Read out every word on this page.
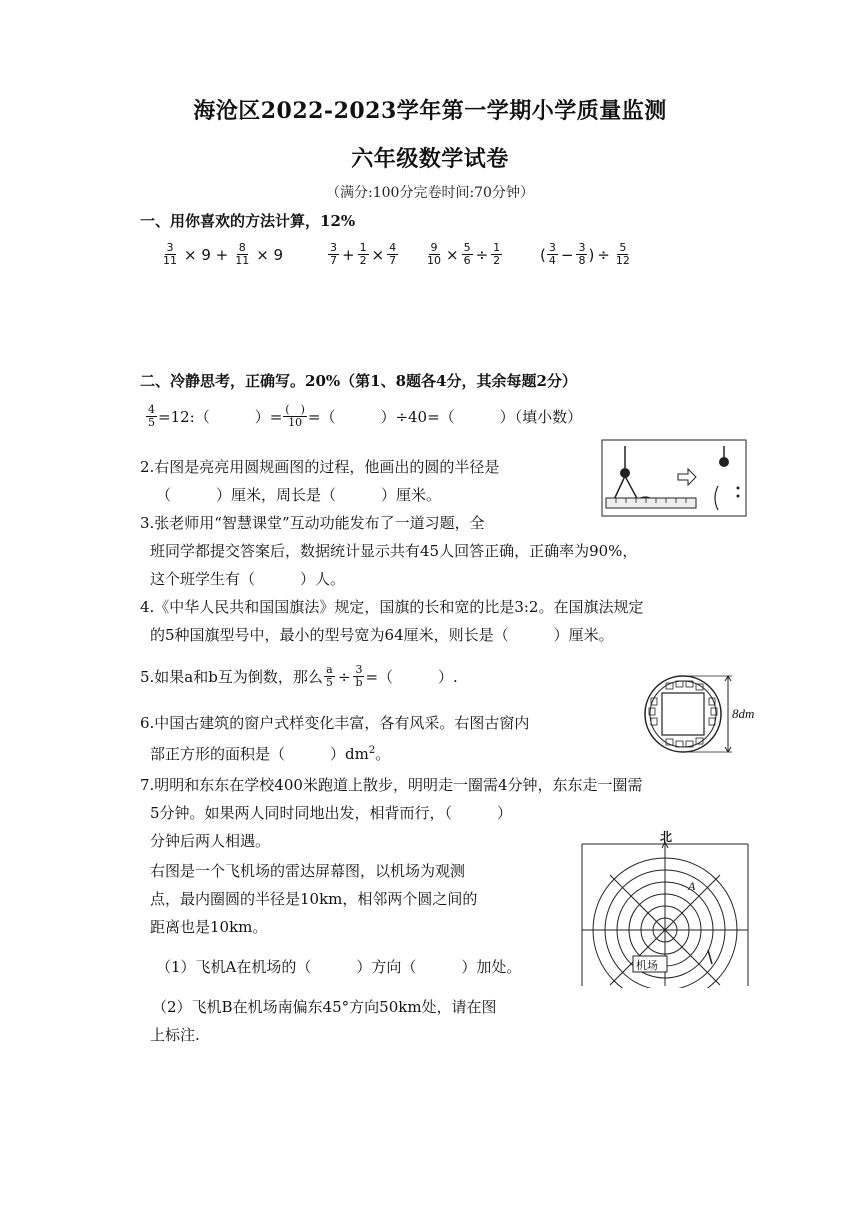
海沧区2022-2023学年第一学期小学质量监测
六年级数学试卷
（满分:100分完卷时间:70分钟）
一、用你喜欢的方法计算，12%
$\frac{3}{11} \times 9 + \frac{8}{11} \times 9$	$\frac{3}{7} + \frac{1}{2} \times \frac{4}{7} \frac{9}{10} \times \frac{5}{6} \div \frac{1}{2}$	( $\frac{3}{4} - \frac{3}{8}$ ) ÷ $\frac{5}{12}$
二、冷静思考，正确写。20%（第1、8题各4分，其余每题2分）
$\frac{4}{5}$ =12:（　　　）= $\frac{( )}{10}$ =（　　　）÷40=（　　　）（填小数）
2.右图是亮亮用圆规画图的过程，他画出的圆的半径是
（　　　）厘米，周长是（　　　）厘米。
3.张老师用“智慧课堂”互动功能发布了一道习题，全
班同学都提交答案后，数据统计显示共有45人回答正确，正确率为90%，
这个班学生有（　　　）人。
4.《中华人民共和国国旗法》规定，国旗的长和宽的比是3:2。在国旗法规定
的5种国旗型号中，最小的型号宽为64厘米，则长是（　　　）厘米。
5.如果a和b互为倒数，那么 $\frac{a}{5} \div \frac{3}{b}$ =（　　　）.
6.中国古建筑的窗户式样变化丰富，各有风采。右图古窗内
部正方形的面积是（　　　）$dm^2$。
8dm
7.明明和东东在学校400米跑道上散步，明明走一圈需4分钟，东东走一圈需
5分钟。如果两人同时同地出发，相背而行，（　　　）
分钟后两人相遇。
右图是一个飞机场的雷达屏幕图，以机场为观测
点，最内圈圆的半径是10km，相邻两个圆之间的
距离也是10km。
（1）飞机A在机场的（　　　）方向（　　　）加处。
（2）飞机B在机场南偏东45°方向50km处，请在图
上标注.
北
A
机场
